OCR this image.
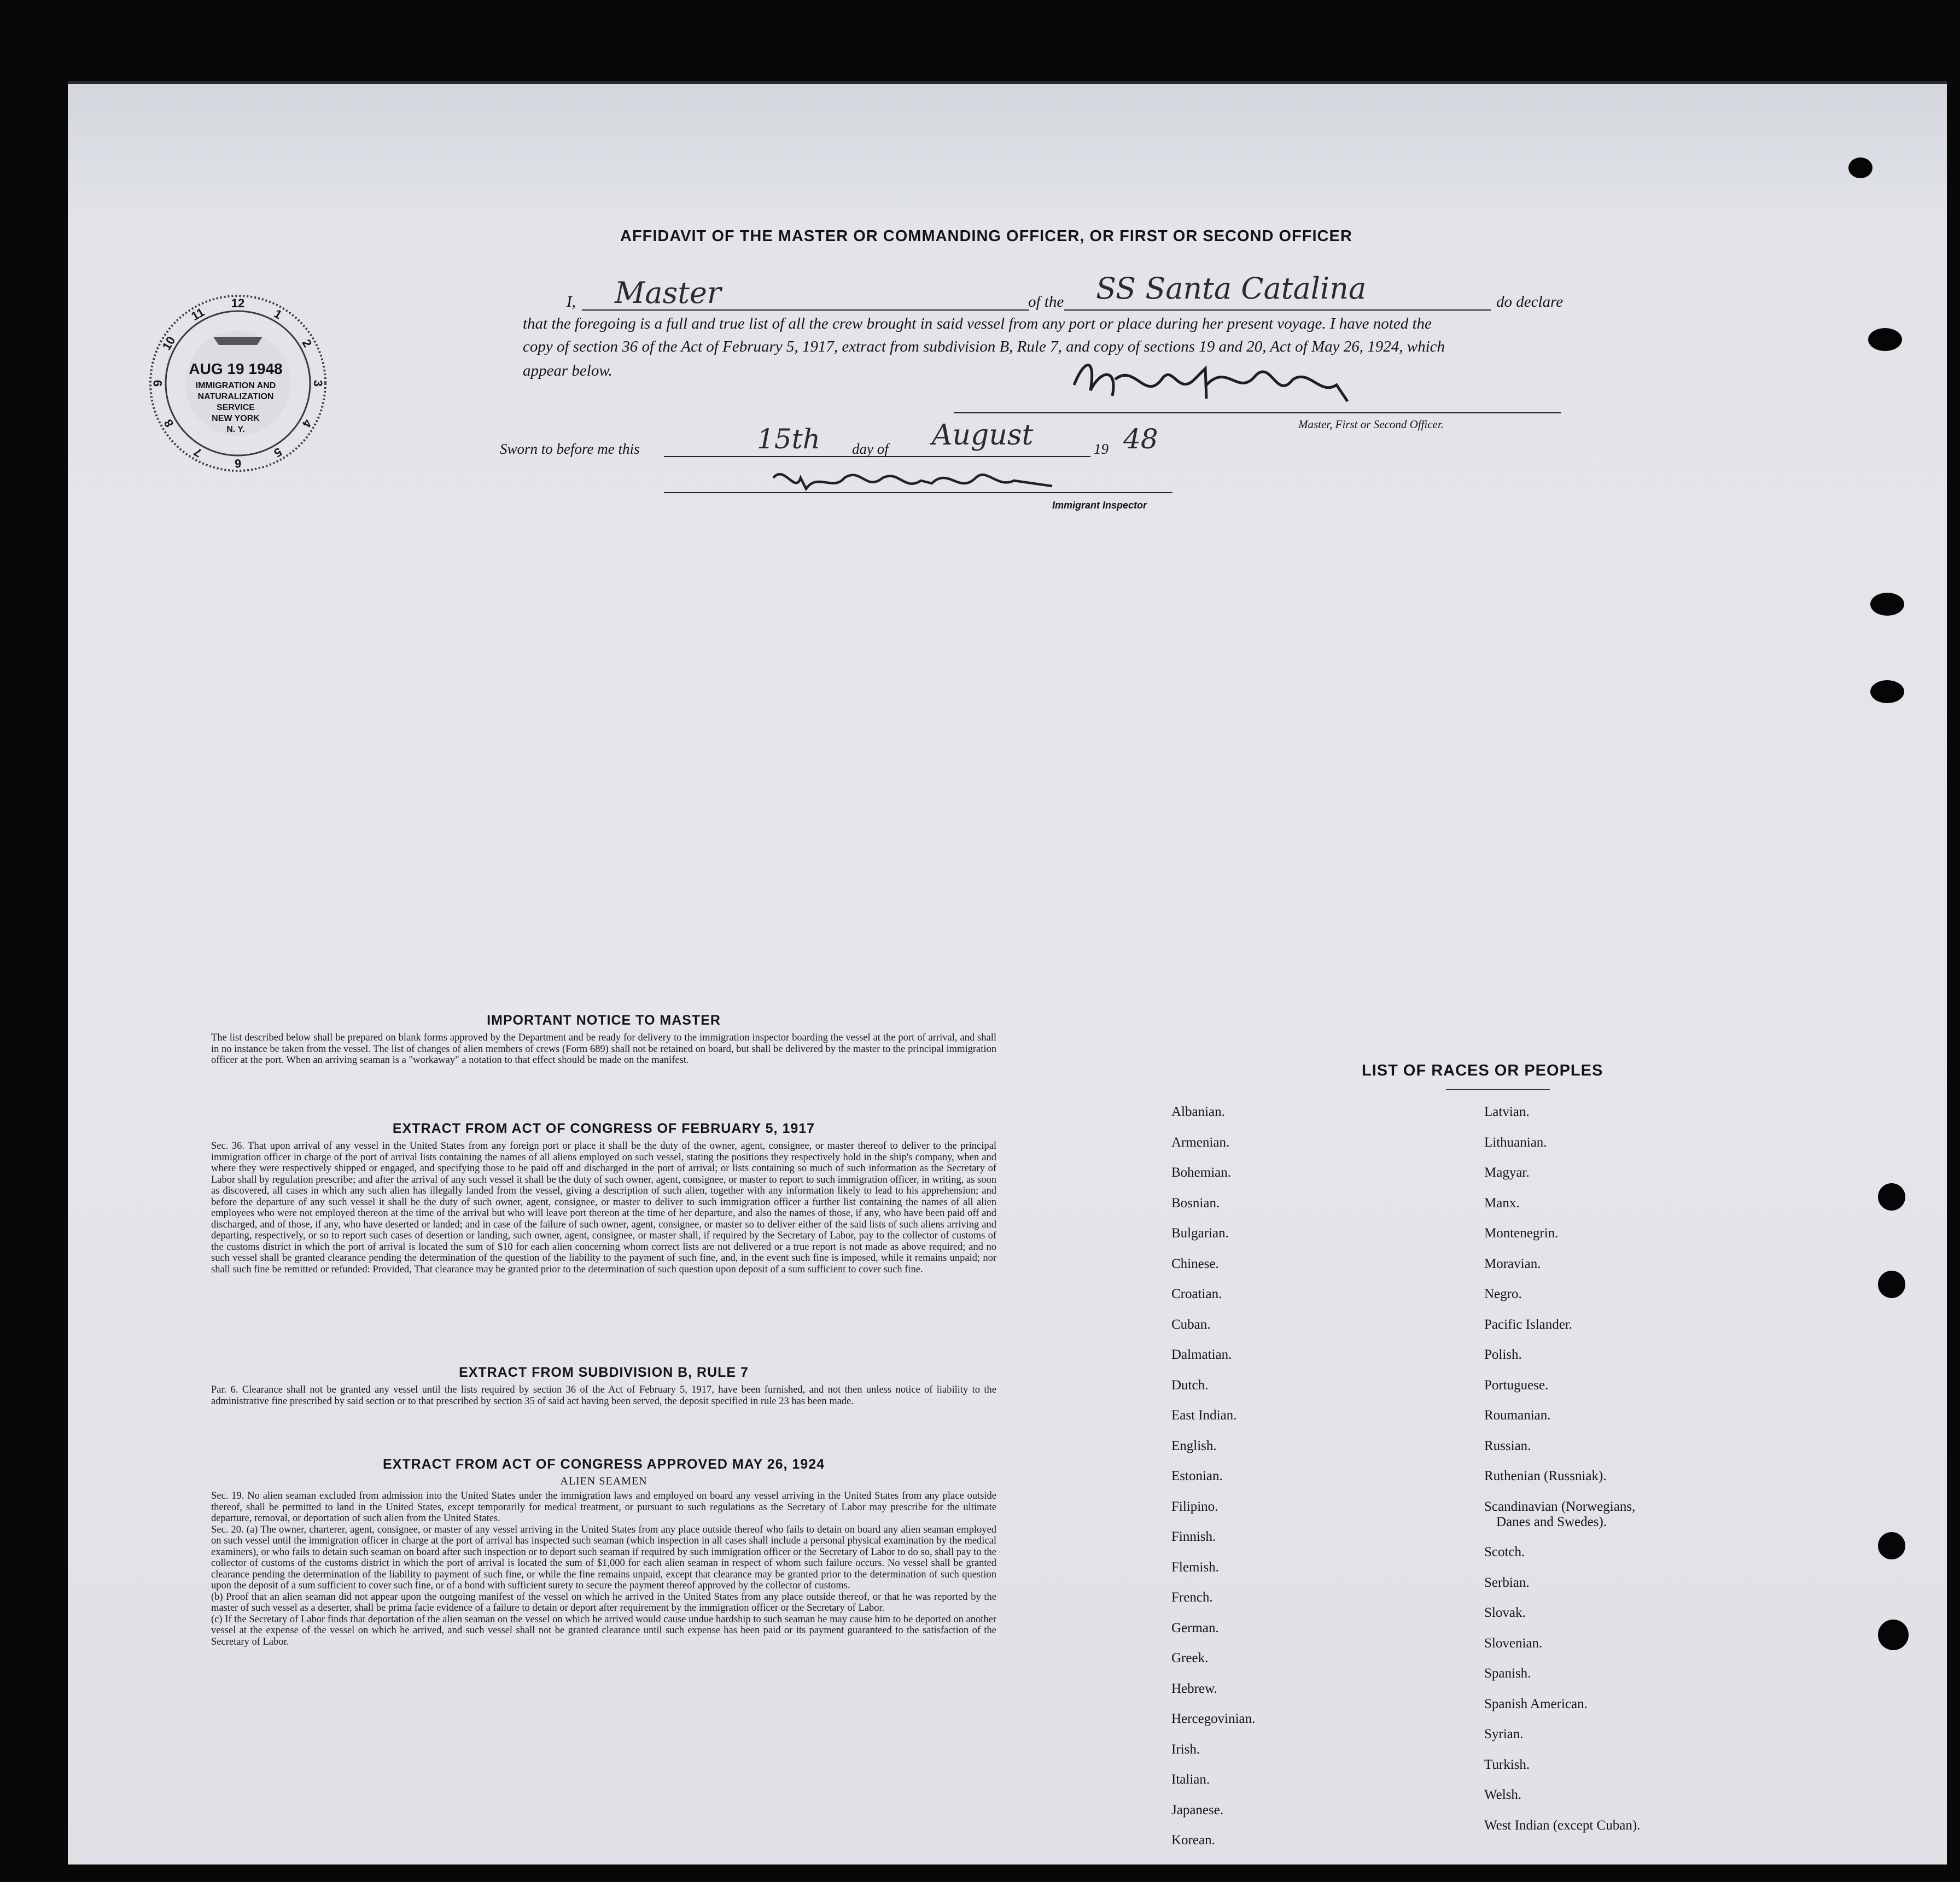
AFFIDAVIT OF THE MASTER OR COMMANDING OFFICER, OR FIRST OR SECOND OFFICER
I, Master	of the SS Santa Catalina	do declare
that the foregoing is a full and true list of all the crew brought in said vessel from any port or place during her present voyage. I have noted the
copy of section 36 of the Act of February 5, 1917, extract from subdivision B, Rule 7, and copy of sections 19 and 20, Act of May 26, 1924, which
appear below.
Master, First or Second Officer.
Sworn to before me this	15th day of August	19 48
Immigrant Inspector
12
1
2
3
4
5
6
7
8
9
10
11
AUG 19 1948
IMMIGRATION AND
NATURALIZATION
SERVICE
NEW YORK
N. Y.
IMPORTANT NOTICE TO MASTER

The list described below shall be prepared on blank forms approved by the Department and be ready for delivery to the immigration inspector boarding the vessel at the port of arrival, and shall in no instance be taken from the vessel. The list of changes of alien members of crews (Form 689) shall not be retained on board, but shall be delivered by the master to the principal immigration officer at the port. When an arriving seaman is a "workaway" a notation to that effect should be made on the manifest.

EXTRACT FROM ACT OF CONGRESS OF FEBRUARY 5, 1917

Sec. 36. That upon arrival of any vessel in the United States from any foreign port or place it shall be the duty of the owner, agent, consignee, or master thereof to deliver to the principal immigration officer in charge of the port of arrival lists containing the names of all aliens employed on such vessel, stating the positions they respectively hold in the ship's company, when and where they were respectively shipped or engaged, and specifying those to be paid off and discharged in the port of arrival; or lists containing so much of such information as the Secretary of Labor shall by regulation prescribe; and after the arrival of any such vessel it shall be the duty of such owner, agent, consignee, or master to report to such immigration officer, in writing, as soon as discovered, all cases in which any such alien has illegally landed from the vessel, giving a description of such alien, together with any information likely to lead to his apprehension; and before the departure of any such vessel it shall be the duty of such owner, agent, consignee, or master to deliver to such immigration officer a further list containing the names of all alien employees who were not employed thereon at the time of the arrival but who will leave port thereon at the time of her departure, and also the names of those, if any, who have been paid off and discharged, and of those, if any, who have deserted or landed; and in case of the failure of such owner, agent, consignee, or master so to deliver either of the said lists of such aliens arriving and departing, respectively, or so to report such cases of desertion or landing, such owner, agent, consignee, or master shall, if required by the Secretary of Labor, pay to the collector of customs of the customs district in which the port of arrival is located the sum of $10 for each alien concerning whom correct lists are not delivered or a true report is not made as above required; and no such vessel shall be granted clearance pending the determination of the question of the liability to the payment of such fine, and, in the event such fine is imposed, while it remains unpaid; nor shall such fine be remitted or refunded: Provided, That clearance may be granted prior to the determination of such question upon deposit of a sum sufficient to cover such fine.

EXTRACT FROM SUBDIVISION B, RULE 7

Par. 6. Clearance shall not be granted any vessel until the lists required by section 36 of the Act of February 5, 1917, have been furnished, and not then unless notice of liability to the administrative fine prescribed by said section or to that prescribed by section 35 of said act having been served, the deposit specified in rule 23 has been made.

EXTRACT FROM ACT OF CONGRESS APPROVED MAY 26, 1924
ALIEN SEAMEN

Sec. 19. No alien seaman excluded from admission into the United States under the immigration laws and employed on board any vessel arriving in the United States from any place outside thereof, shall be permitted to land in the United States, except temporarily for medical treatment, or pursuant to such regulations as the Secretary of Labor may prescribe for the ultimate departure, removal, or deportation of such alien from the United States.

Sec. 20. (a) The owner, charterer, agent, consignee, or master of any vessel arriving in the United States from any place outside thereof who fails to detain on board any alien seaman employed on such vessel until the immigration officer in charge at the port of arrival has inspected such seaman (which inspection in all cases shall include a personal physical examination by the medical examiners), or who fails to detain such seaman on board after such inspection or to deport such seaman if required by such immigration officer or the Secretary of Labor to do so, shall pay to the collector of customs of the customs district in which the port of arrival is located the sum of $1,000 for each alien seaman in respect of whom such failure occurs. No vessel shall be granted clearance pending the determination of the liability to payment of such fine, or while the fine remains unpaid, except that clearance may be granted prior to the determination of such question upon the deposit of a sum sufficient to cover such fine, or of a bond with sufficient surety to secure the payment thereof approved by the collector of customs.

(b) Proof that an alien seaman did not appear upon the outgoing manifest of the vessel on which he arrived in the United States from any place outside thereof, or that he was reported by the master of such vessel as a deserter, shall be prima facie evidence of a failure to detain or deport after requirement by the immigration officer or the Secretary of Labor.

(c) If the Secretary of Labor finds that deportation of the alien seaman on the vessel on which he arrived would cause undue hardship to such seaman he may cause him to be deported on another vessel at the expense of the vessel on which he arrived, and such vessel shall not be granted clearance until such expense has been paid or its payment guaranteed to the satisfaction of the Secretary of Labor.

LIST OF RACES OR PEOPLES
Albanian.
Armenian.
Bohemian.
Bosnian.
Bulgarian.
Chinese.
Croatian.
Cuban.
Dalmatian.
Dutch.
East Indian.
English.
Estonian.
Filipino.
Finnish.
Flemish.
French.
German.
Greek.
Hebrew.
Hercegovinian.
Irish.
Italian.
Japanese.
Korean.
Latvian.
Lithuanian.
Magyar.
Manx.
Montenegrin.
Moravian.
Negro.
Pacific Islander.
Polish.
Portuguese.
Roumanian.
Russian.
Ruthenian (Russniak).
Scandinavian (Norwegians,
Danes and Swedes).
Scotch.
Serbian.
Slovak.
Slovenian.
Spanish.
Spanish American.
Syrian.
Turkish.
Welsh.
West Indian (except Cuban).
